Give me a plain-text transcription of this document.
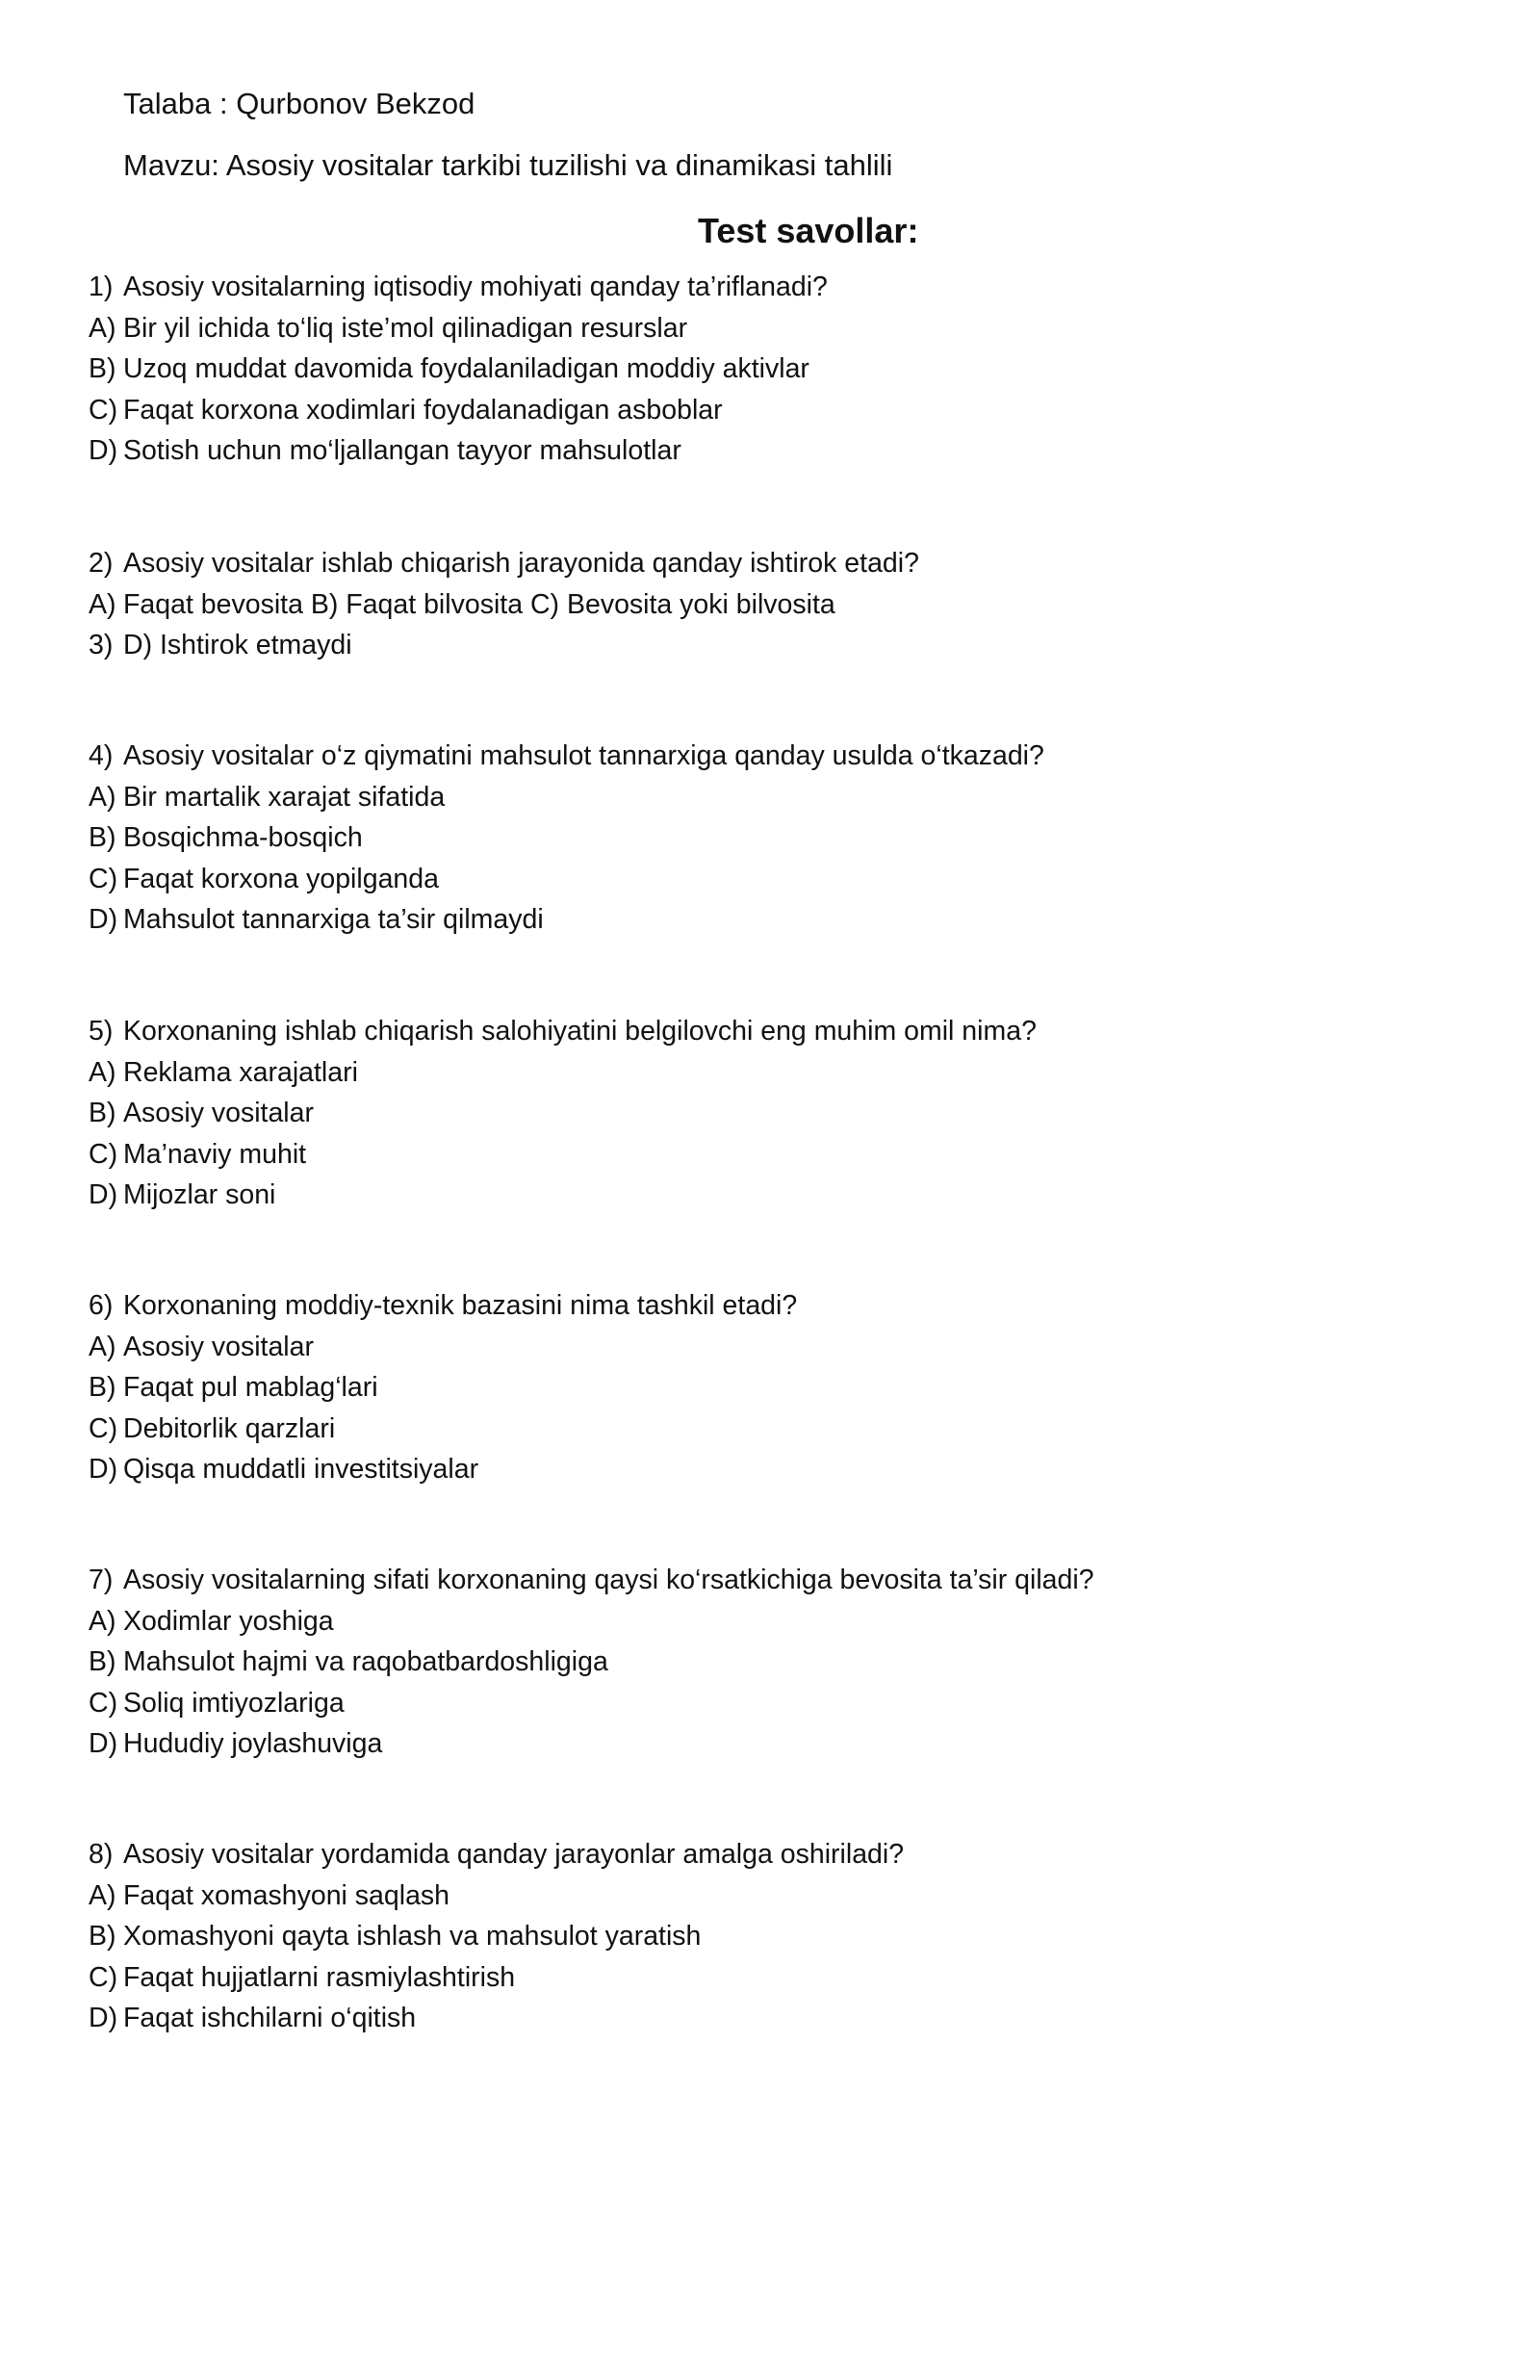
Talaba : Qurbonov Bekzod
Mavzu: Asosiy vositalar tarkibi tuzilishi va dinamikasi tahlili
Test savollar:
1) Asosiy vositalarning iqtisodiy mohiyati qanday ta’riflanadi?
A) Bir yil ichida to‘liq iste’mol qilinadigan resurslar
B) Uzoq muddat davomida foydalaniladigan moddiy aktivlar
C) Faqat korxona xodimlari foydalanadigan asboblar
D) Sotish uchun mo‘ljallangan tayyor mahsulotlar
2) Asosiy vositalar ishlab chiqarish jarayonida qanday ishtirok etadi?
A) Faqat bevosita B) Faqat bilvosita C) Bevosita yoki bilvosita
3) D) Ishtirok etmaydi
4) Asosiy vositalar o‘z qiymatini mahsulot tannarxiga qanday usulda o‘tkazadi?
A) Bir martalik xarajat sifatida
B) Bosqichma-bosqich
C) Faqat korxona yopilganda
D) Mahsulot tannarxiga ta’sir qilmaydi
5) Korxonaning ishlab chiqarish salohiyatini belgilovchi eng muhim omil nima?
A) Reklama xarajatlari
B) Asosiy vositalar
C) Ma’naviy muhit
D) Mijozlar soni
6) Korxonaning moddiy-texnik bazasini nima tashkil etadi?
A) Asosiy vositalar
B) Faqat pul mablag‘lari
C) Debitorlik qarzlari
D) Qisqa muddatli investitsiyalar
7) Asosiy vositalarning sifati korxonaning qaysi ko‘rsatkichiga bevosita ta’sir qiladi?
A) Xodimlar yoshiga
B) Mahsulot hajmi va raqobatbardoshligiga
C) Soliq imtiyozlariga
D) Hududiy joylashuviga
8) Asosiy vositalar yordamida qanday jarayonlar amalga oshiriladi?
A) Faqat xomashyoni saqlash
B) Xomashyoni qayta ishlash va mahsulot yaratish
C) Faqat hujjatlarni rasmiylashtirish
D) Faqat ishchilarni o‘qitish
